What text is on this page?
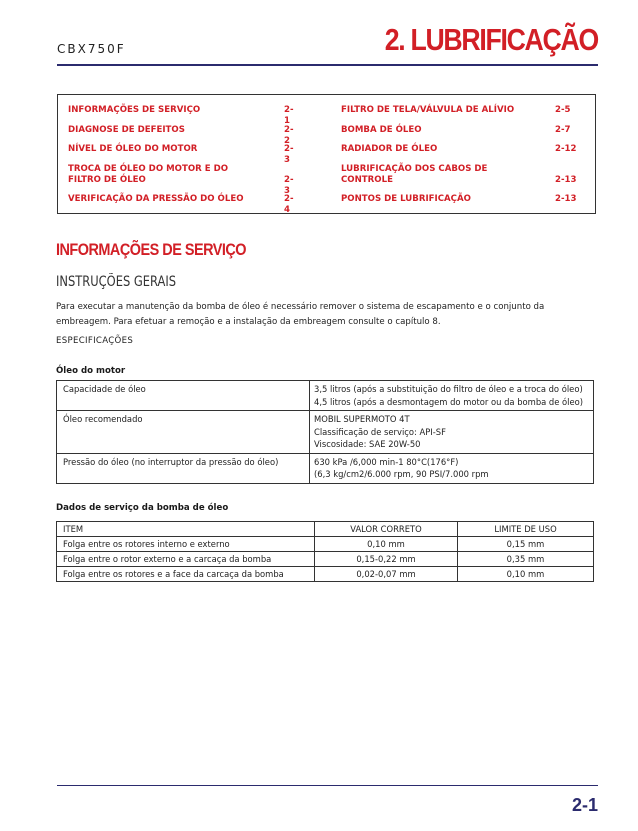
CBX750F	2. LUBRIFICAÇÃO
INFORMAÇÕES DE SERVIÇO	2-1
DIAGNOSE DE DEFEITOS	2-2
NÍVEL DE ÓLEO DO MOTOR	2-3
TROCA DE ÓLEO DO MOTOR E DO
FILTRO DE ÓLEO	2-3
VERIFICAÇÃO DA PRESSÃO DO ÓLEO	2-4
FILTRO DE TELA/VÁLVULA DE ALÍVIO	2-5
BOMBA DE ÓLEO	2-7
RADIADOR DE ÓLEO	2-12
LUBRIFICAÇÃO DOS CABOS DE
CONTROLE	2-13
PONTOS DE LUBRIFICAÇÃO	2-13
INFORMAÇÕES DE SERVIÇO
INSTRUÇÕES GERAIS
Para executar a manutenção da bomba de óleo é necessário remover o sistema de escapamento e o conjunto da embreagem. Para efetuar a remoção e a instalação da embreagem consulte o capítulo 8.
ESPECIFICAÇÕES
Óleo do motor
Capacidade de óleo	3,5 litros (após a substituição do filtro de óleo e a troca do óleo)
4,5 litros (após a desmontagem do motor ou da bomba de óleo)

Óleo recomendado	MOBIL SUPERMOTO 4T
Classificação de serviço: API-SF
Viscosidade: SAE 20W-50

Pressão do óleo (no interruptor da pressão do óleo)	630 kPa /6,000 min-1 80°C(176°F)
(6,3 kg/cm2/6.000 rpm, 90 PSI/7.000 rpm
Dados de serviço da bomba de óleo
ITEM	VALOR CORRETO	LIMITE DE USO
Folga entre os rotores interno e externo	0,10 mm	0,15 mm
Folga entre o rotor externo e a carcaça da bomba	0,15-0,22 mm	0,35 mm
Folga entre os rotores e a face da carcaça da bomba	0,02-0,07 mm	0,10 mm
2-1
